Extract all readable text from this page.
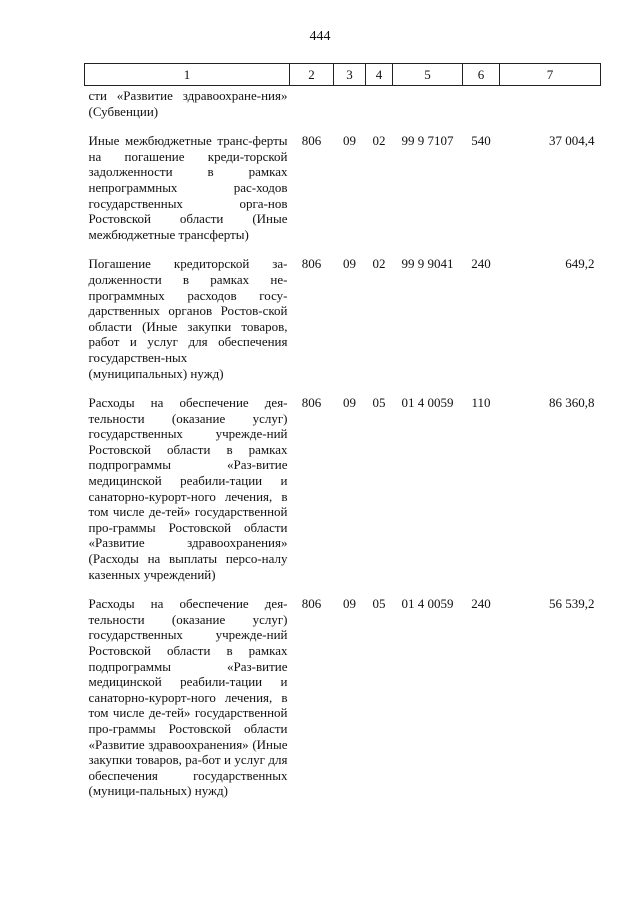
444
1	2	3	4	5	6	7
сти «Развитие здравоохране-ния» (Субвенции)						
Иные межбюджетные транс-ферты на погашение креди-торской задолженности в рамках непрограммных рас-ходов государственных орга-нов Ростовской области (Иные межбюджетные трансферты)	806	09	02	99 9 7107	540	37 004,4
Погашение кредиторской за-долженности в рамках не-программных расходов госу-дарственных органов Ростов-ской области (Иные закупки товаров, работ и услуг для обеспечения государствен-ных (муниципальных) нужд)	806	09	02	99 9 9041	240	649,2
Расходы на обеспечение дея-тельности (оказание услуг) государственных учрежде-ний Ростовской области в рамках подпрограммы «Раз-витие медицинской реабили-тации и санаторно-курорт-ного лечения, в том числе де-тей» государственной про-граммы Ростовской области «Развитие здравоохранения» (Расходы на выплаты персо-налу казенных учреждений)	806	09	05	01 4 0059	110	86 360,8
Расходы на обеспечение дея-тельности (оказание услуг) государственных учрежде-ний Ростовской области в рамках подпрограммы «Раз-витие медицинской реабили-тации и санаторно-курорт-ного лечения, в том числе де-тей» государственной про-граммы Ростовской области «Развитие здравоохранения» (Иные закупки товаров, ра-бот и услуг для обеспечения государственных (муници-пальных) нужд)	806	09	05	01 4 0059	240	56 539,2
